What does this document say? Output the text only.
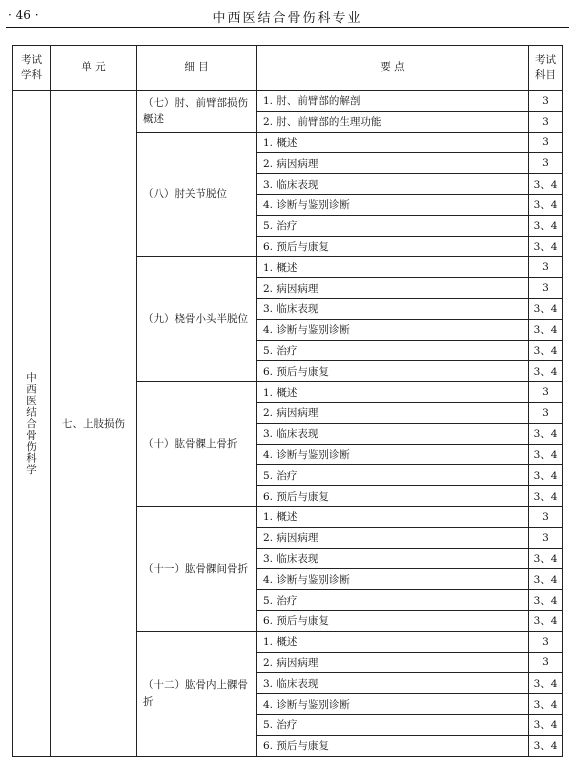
· 46 ·	中西医结合骨伤科专业
考试学科	单 元	细 目	要 点	考试科目
中西医结合骨伤科学	七、上肢损伤	（七）肘、前臂部损伤概述	1. 肘、前臂部的解剖	3
			2. 肘、前臂部的生理功能	3
		（八）肘关节脱位	1. 概述	3
			2. 病因病理	3
			3. 临床表现	3、4
			4. 诊断与鉴别诊断	3、4
			5. 治疗	3、4
			6. 预后与康复	3、4
		（九）桡骨小头半脱位	1. 概述	3
			2. 病因病理	3
			3. 临床表现	3、4
			4. 诊断与鉴别诊断	3、4
			5. 治疗	3、4
			6. 预后与康复	3、4
		（十）肱骨髁上骨折	1. 概述	3
			2. 病因病理	3
			3. 临床表现	3、4
			4. 诊断与鉴别诊断	3、4
			5. 治疗	3、4
			6. 预后与康复	3、4
		（十一）肱骨髁间骨折	1. 概述	3
			2. 病因病理	3
			3. 临床表现	3、4
			4. 诊断与鉴别诊断	3、4
			5. 治疗	3、4
			6. 预后与康复	3、4
		（十二）肱骨内上髁骨折	1. 概述	3
			2. 病因病理	3
			3. 临床表现	3、4
			4. 诊断与鉴别诊断	3、4
			5. 治疗	3、4
			6. 预后与康复	3、4
